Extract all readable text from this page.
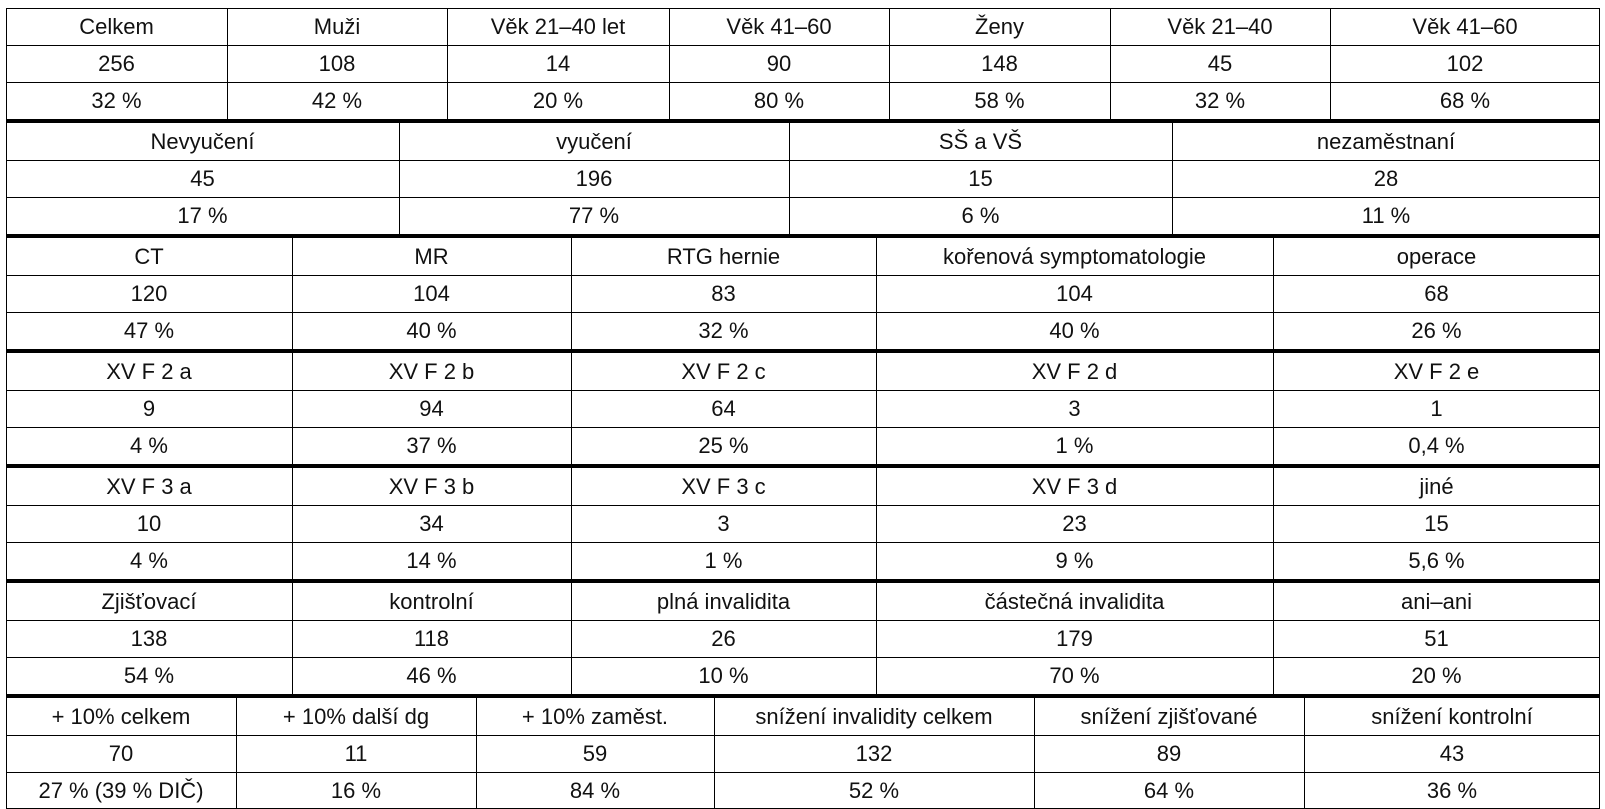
Celkem	Muži	Věk 21–40 let	Věk 41–60	Ženy	Věk 21–40	Věk 41–60
256	108	14	90	148	45	102
32 %	42 %	20 %	80 %	58 %	32 %	68 %
Nevyučení	vyučení	SŠ a VŠ	nezaměstnaní
45	196	15	28
17 %	77 %	6 %	11 %
CT	MR	RTG hernie	kořenová symptomatologie	operace
120	104	83	104	68
47 %	40 %	32 %	40 %	26 %
XV F 2 a	XV F 2 b	XV F 2 c	XV F 2 d	XV F 2 e
9	94	64	3	1
4 %	37 %	25 %	1 %	0,4 %
XV F 3 a	XV F 3 b	XV F 3 c	XV F 3 d	jiné
10	34	3	23	15
4 %	14 %	1 %	9 %	5,6 %
Zjišťovací	kontrolní	plná invalidita	částečná invalidita	ani–ani
138	118	26	179	51
54 %	46 %	10 %	70 %	20 %
+ 10% celkem	+ 10% další dg	+ 10% zaměst.	snížení invalidity celkem	snížení zjišťované	snížení kontrolní
70	11	59	132	89	43
27 % (39 % DIČ)	16 %	84 %	52 %	64 %	36 %
